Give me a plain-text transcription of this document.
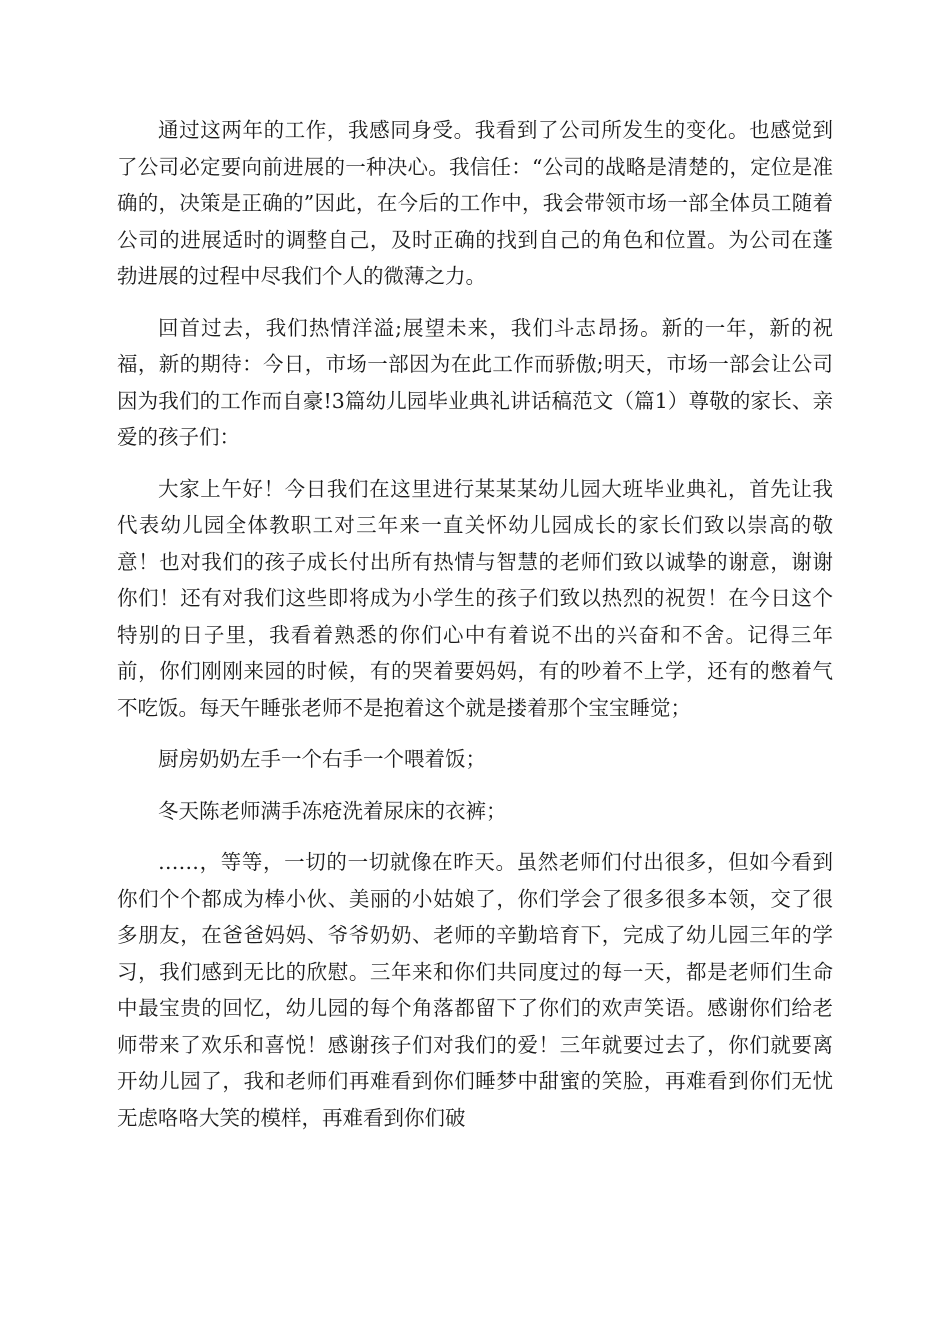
通过这两年的工作，我感同身受。我看到了公司所发生的变化。也感觉到了公司必定要向前进展的一种决心。我信任：“公司的战略是清楚的，定位是准确的，决策是正确的”因此，在今后的工作中，我会带领市场一部全体员工随着公司的进展适时的调整自己，及时正确的找到自己的角色和位置。为公司在蓬勃进展的过程中尽我们个人的微薄之力。

回首过去，我们热情洋溢;展望未来，我们斗志昂扬。新的一年，新的祝福，新的期待：今日，市场一部因为在此工作而骄傲;明天，市场一部会让公司因为我们的工作而自豪!3篇幼儿园毕业典礼讲话稿范文（篇1）尊敬的家长、亲爱的孩子们：

大家上午好！今日我们在这里进行某某某幼儿园大班毕业典礼，首先让我代表幼儿园全体教职工对三年来一直关怀幼儿园成长的家长们致以崇高的敬意！也对我们的孩子成长付出所有热情与智慧的老师们致以诚挚的谢意，谢谢你们！还有对我们这些即将成为小学生的孩子们致以热烈的祝贺！在今日这个特别的日子里，我看着熟悉的你们心中有着说不出的兴奋和不舍。记得三年前，你们刚刚来园的时候，有的哭着要妈妈，有的吵着不上学，还有的憋着气不吃饭。每天午睡张老师不是抱着这个就是搂着那个宝宝睡觉；

厨房奶奶左手一个右手一个喂着饭；

冬天陈老师满手冻疮洗着尿床的衣裤；

……，等等，一切的一切就像在昨天。虽然老师们付出很多，但如今看到你们个个都成为棒小伙、美丽的小姑娘了，你们学会了很多很多本领，交了很多朋友，在爸爸妈妈、爷爷奶奶、老师的辛勤培育下，完成了幼儿园三年的学习，我们感到无比的欣慰。三年来和你们共同度过的每一天，都是老师们生命中最宝贵的回忆，幼儿园的每个角落都留下了你们的欢声笑语。感谢你们给老师带来了欢乐和喜悦！感谢孩子们对我们的爱！三年就要过去了，你们就要离开幼儿园了，我和老师们再难看到你们睡梦中甜蜜的笑脸，再难看到你们无忧无虑咯咯大笑的模样，再难看到你们破
